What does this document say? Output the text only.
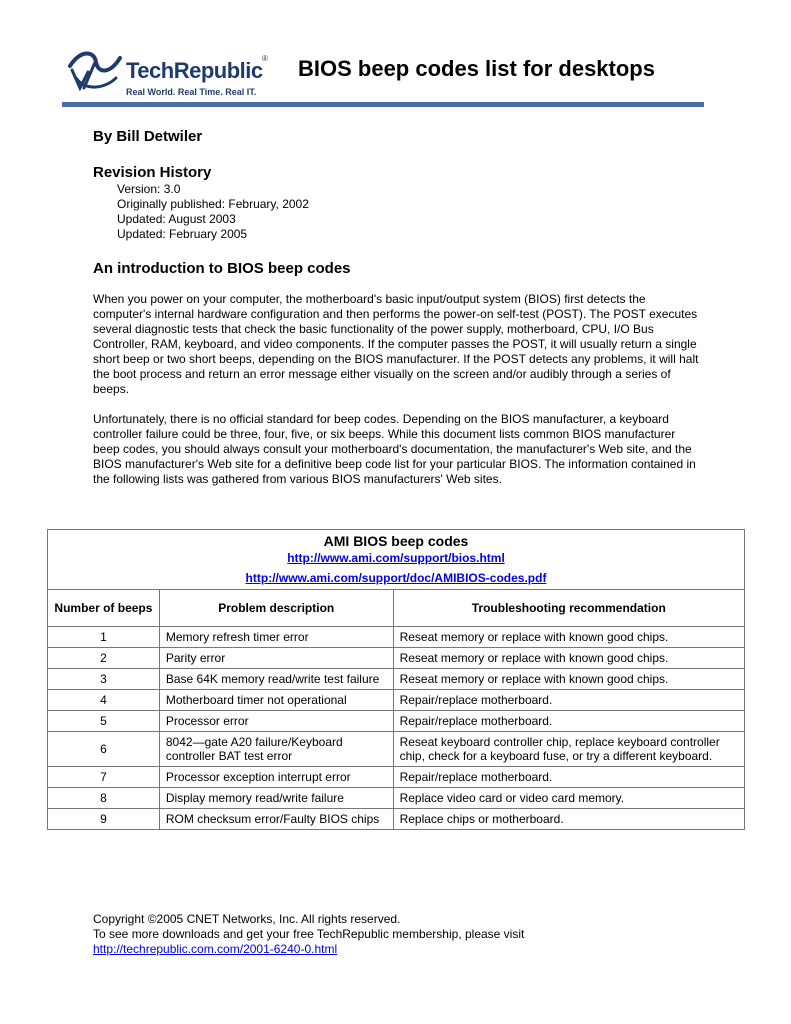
TechRepublic ®
Real World. Real Time. Real IT.
BIOS beep codes list for desktops
By Bill Detwiler
Revision History
Version: 3.0
Originally published: February, 2002
Updated: August 2003
Updated: February 2005
An introduction to BIOS beep codes
When you power on your computer, the motherboard's basic input/output system (BIOS) first detects the computer's internal hardware configuration and then performs the power-on self-test (POST). The POST executes several diagnostic tests that check the basic functionality of the power supply, motherboard, CPU, I/O Bus Controller, RAM, keyboard, and video components. If the computer passes the POST, it will usually return a single short beep or two short beeps, depending on the BIOS manufacturer. If the POST detects any problems, it will halt the boot process and return an error message either visually on the screen and/or audibly through a series of beeps.
Unfortunately, there is no official standard for beep codes. Depending on the BIOS manufacturer, a keyboard controller failure could be three, four, five, or six beeps. While this document lists common BIOS manufacturer beep codes, you should always consult your motherboard's documentation, the manufacturer's Web site, and the BIOS manufacturer's Web site for a definitive beep code list for your particular BIOS. The information contained in the following lists was gathered from various BIOS manufacturers' Web sites.
AMI BIOS beep codes
http://www.ami.com/support/bios.html
http://www.ami.com/support/doc/AMIBIOS-codes.pdf		

Number of beeps	Problem description	Troubleshooting recommendation
1	Memory refresh timer error	Reseat memory or replace with known good chips.
2	Parity error	Reseat memory or replace with known good chips.
3	Base 64K memory read/write test failure	Reseat memory or replace with known good chips.
4	Motherboard timer not operational	Repair/replace motherboard.
5	Processor error	Repair/replace motherboard.
6	8042—gate A20 failure/Keyboard controller BAT test error	Reseat keyboard controller chip, replace keyboard controller chip, check for a keyboard fuse, or try a different keyboard.
7	Processor exception interrupt error	Repair/replace motherboard.
8	Display memory read/write failure	Replace video card or video card memory.
9	ROM checksum error/Faulty BIOS chips	Replace chips or motherboard.
Copyright ©2005 CNET Networks, Inc. All rights reserved.
To see more downloads and get your free TechRepublic membership, please visit
http://techrepublic.com.com/2001-6240-0.html
